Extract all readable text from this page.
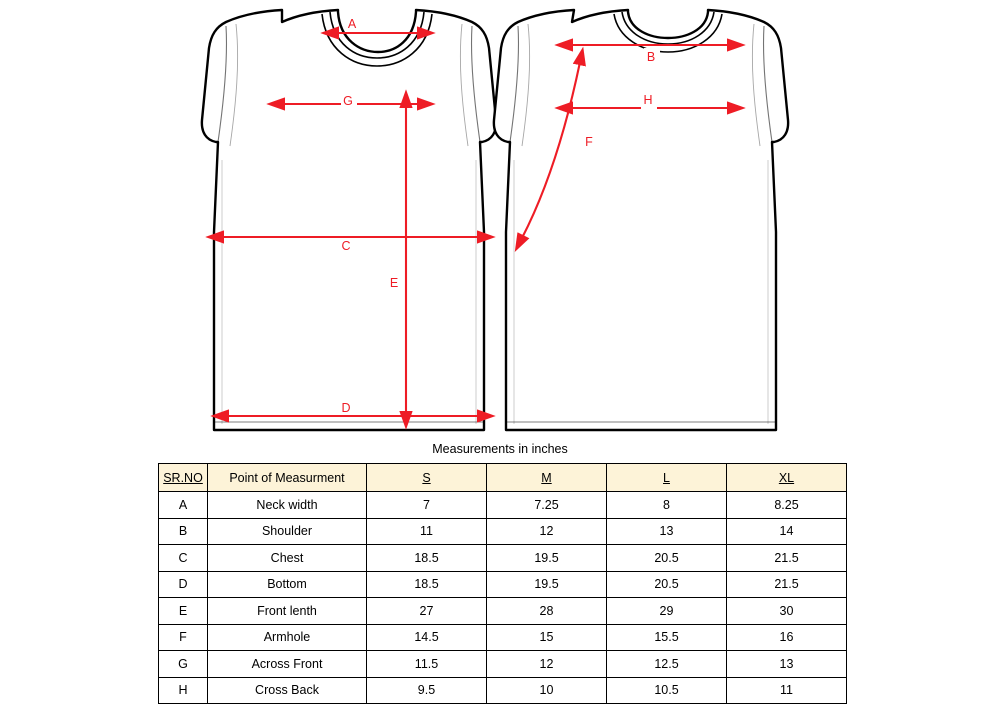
A
G
C
E
D
B
H
F
Measurements in inches
SR.NO	Point of Measurment	S	M	L	XL
A	Neck width	7	7.25	8	8.25
B	Shoulder	11	12	13	14
C	Chest	18.5	19.5	20.5	21.5
D	Bottom	18.5	19.5	20.5	21.5
E	Front lenth	27	28	29	30
F	Armhole	14.5	15	15.5	16
G	Across Front	11.5	12	12.5	13
H	Cross Back	9.5	10	10.5	11
